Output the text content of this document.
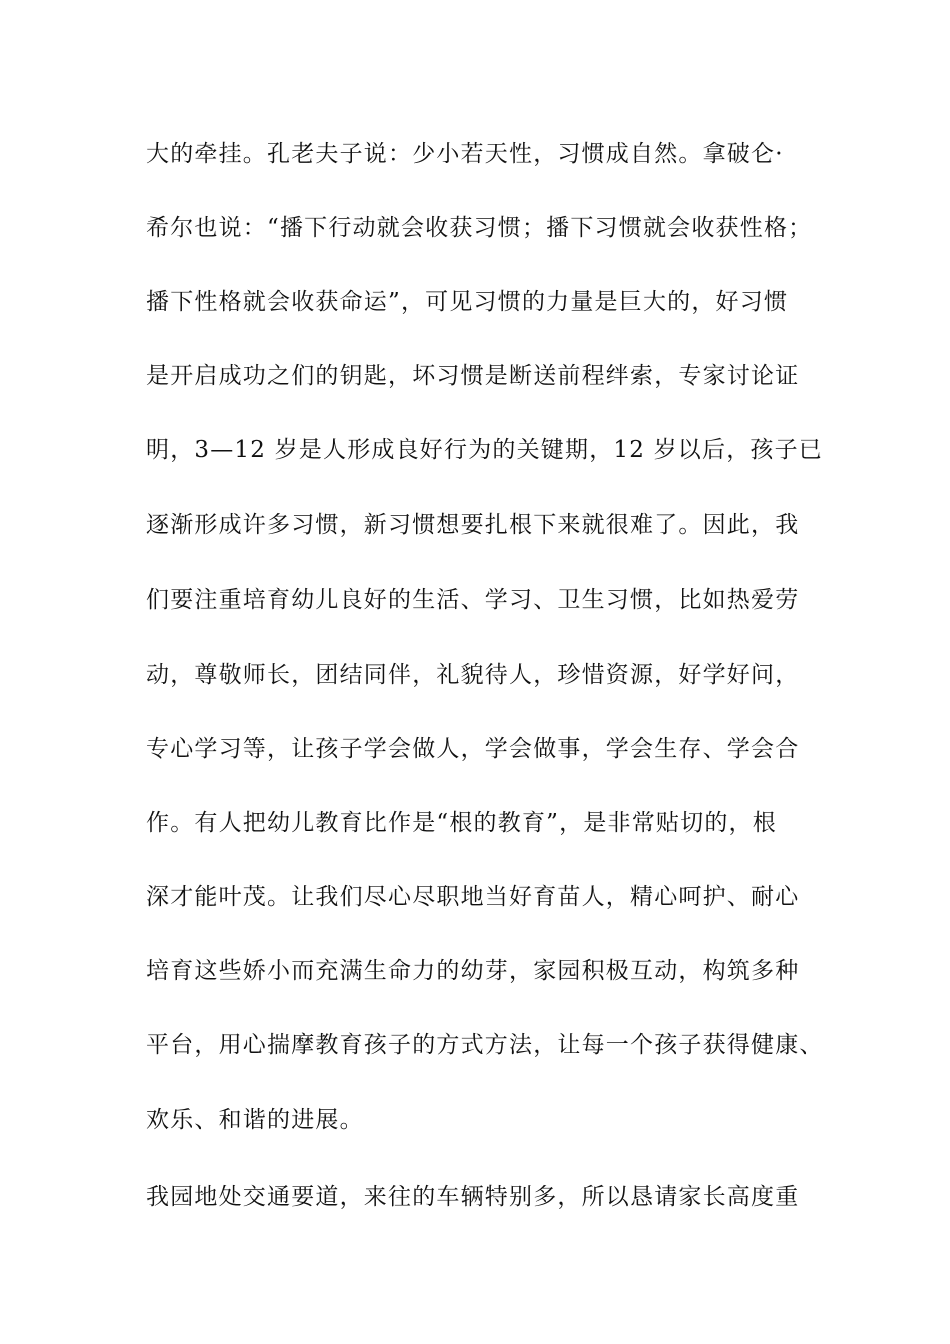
大的牵挂。孔老夫子说：少小若天性，习惯成自然。拿破仑·
希尔也说：“播下行动就会收获习惯；播下习惯就会收获性格；
播下性格就会收获命运”，可见习惯的力量是巨大的，好习惯
是开启成功之们的钥匙，坏习惯是断送前程绊索，专家讨论证
明，3—12 岁是人形成良好行为的关键期，12 岁以后，孩子已
逐渐形成许多习惯，新习惯想要扎根下来就很难了。因此，我
们要注重培育幼儿良好的生活、学习、卫生习惯，比如热爱劳
动，尊敬师长，团结同伴，礼貌待人，珍惜资源，好学好问，
专心学习等，让孩子学会做人，学会做事，学会生存、学会合
作。有人把幼儿教育比作是“根的教育”，是非常贴切的，根
深才能叶茂。让我们尽心尽职地当好育苗人，精心呵护、耐心
培育这些娇小而充满生命力的幼芽，家园积极互动，构筑多种
平台，用心揣摩教育孩子的方式方法，让每一个孩子获得健康、
欢乐、和谐的进展。
我园地处交通要道，来往的车辆特别多，所以恳请家长高度重
